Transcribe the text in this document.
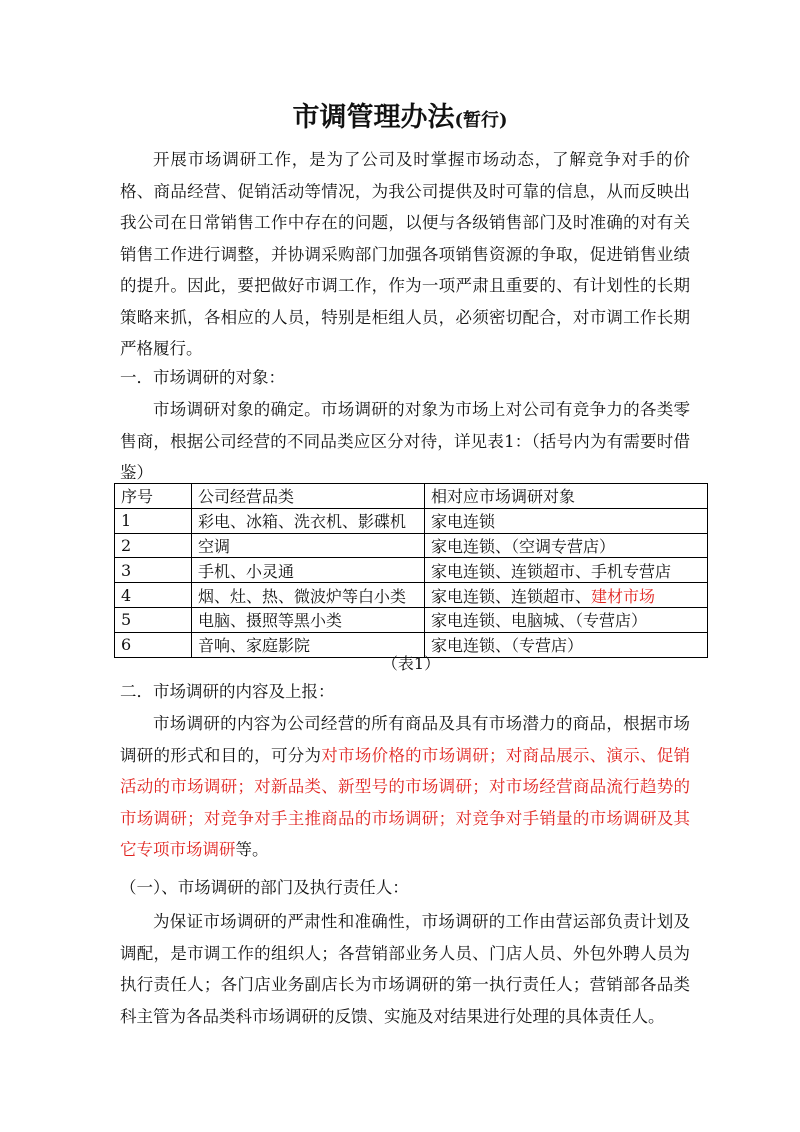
市调管理办法(暂行)

开展市场调研工作，是为了公司及时掌握市场动态，了解竞争对手的价格、商品经营、促销活动等情况，为我公司提供及时可靠的信息，从而反映出我公司在日常销售工作中存在的问题，以便与各级销售部门及时准确的对有关销售工作进行调整，并协调采购部门加强各项销售资源的争取，促进销售业绩的提升。因此，要把做好市调工作，作为一项严肃且重要的、有计划性的长期策略来抓，各相应的人员，特别是柜组人员，必须密切配合，对市调工作长期严格履行。

一．市场调研的对象：

市场调研对象的确定。市场调研的对象为市场上对公司有竞争力的各类零售商，根据公司经营的不同品类应区分对待，详见表1：（括号内为有需要时借鉴）

序号	公司经营品类	相对应市场调研对象
1	彩电、冰箱、洗衣机、影碟机	家电连锁
2	空调	家电连锁、（空调专营店）
3	手机、小灵通	家电连锁、连锁超市、手机专营店
4	烟、灶、热、微波炉等白小类	家电连锁、连锁超市、建材市场
5	电脑、摄照等黑小类	家电连锁、电脑城、（专营店）
6	音响、家庭影院	家电连锁、（专营店）

（表1）

二．市场调研的内容及上报：

市场调研的内容为公司经营的所有商品及具有市场潜力的商品，根据市场调研的形式和目的，可分为对市场价格的市场调研；对商品展示、演示、促销活动的市场调研；对新品类、新型号的市场调研；对市场经营商品流行趋势的市场调研；对竞争对手主推商品的市场调研；对竞争对手销量的市场调研及其它专项市场调研等。

（一）、市场调研的部门及执行责任人：

为保证市场调研的严肃性和准确性，市场调研的工作由营运部负责计划及调配，是市调工作的组织人；各营销部业务人员、门店人员、外包外聘人员为执行责任人；各门店业务副店长为市场调研的第一执行责任人；营销部各品类科主管为各品类科市场调研的反馈、实施及对结果进行处理的具体责任人。
